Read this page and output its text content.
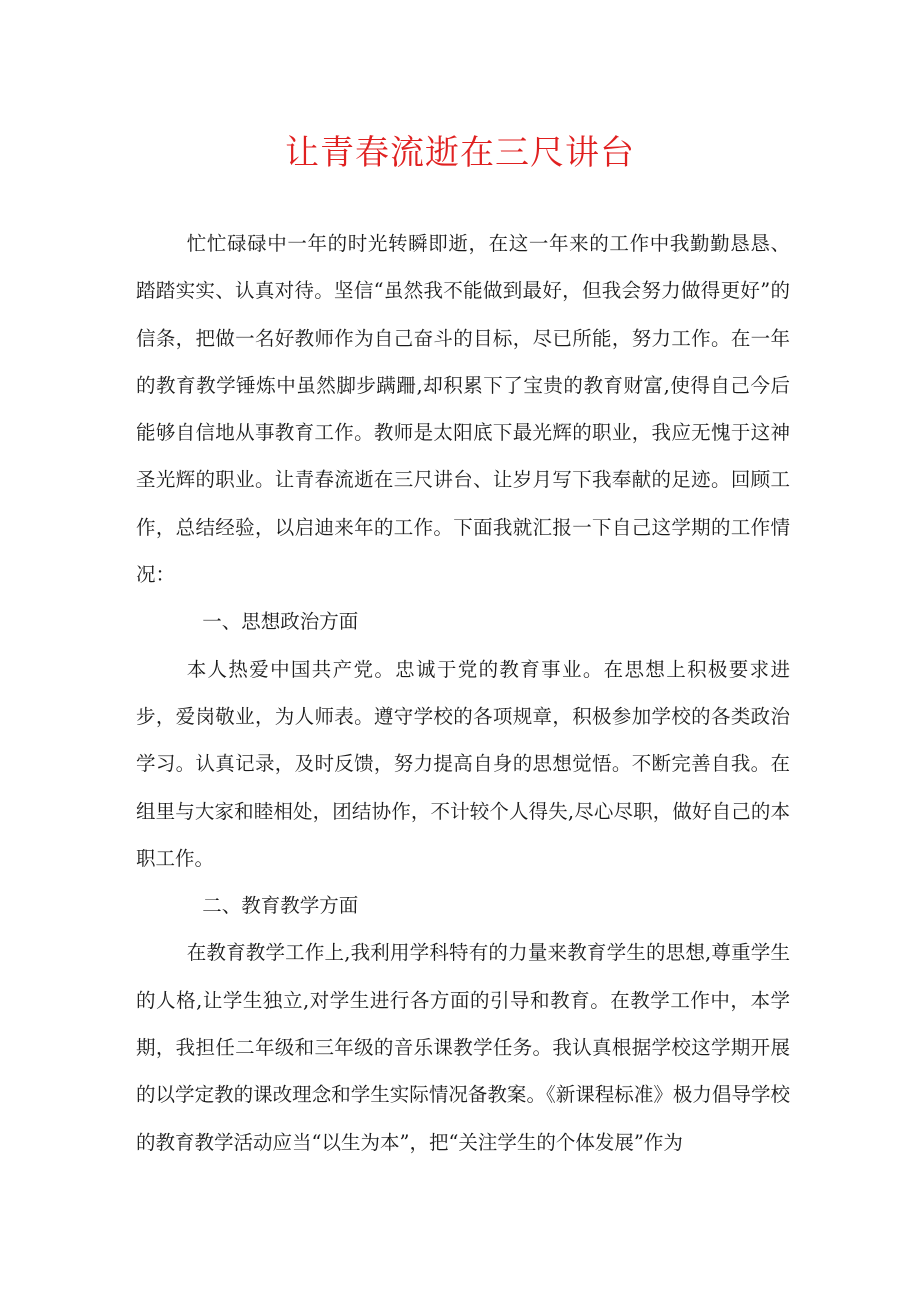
让青春流逝在三尺讲台

忙忙碌碌中一年的时光转瞬即逝，在这一年来的工作中我勤勤恳恳、踏踏实实、认真对待。坚信“虽然我不能做到最好，但我会努力做得更好”的信条，把做一名好教师作为自己奋斗的目标，尽已所能，努力工作。在一年的教育教学锤炼中虽然脚步蹒跚,却积累下了宝贵的教育财富,使得自己今后能够自信地从事教育工作。教师是太阳底下最光辉的职业，我应无愧于这神圣光辉的职业。让青春流逝在三尺讲台、让岁月写下我奉献的足迹。回顾工作，总结经验，以启迪来年的工作。下面我就汇报一下自己这学期的工作情况：

一、思想政治方面

本人热爱中国共产党。忠诚于党的教育事业。在思想上积极要求进步，爱岗敬业，为人师表。遵守学校的各项规章，积极参加学校的各类政治学习。认真记录，及时反馈，努力提高自身的思想觉悟。不断完善自我。在组里与大家和睦相处，团结协作，不计较个人得失,尽心尽职，做好自己的本职工作。

二、教育教学方面

在教育教学工作上,我利用学科特有的力量来教育学生的思想,尊重学生的人格,让学生独立,对学生进行各方面的引导和教育。在教学工作中，本学期，我担任二年级和三年级的音乐课教学任务。我认真根据学校这学期开展的以学定教的课改理念和学生实际情况备教案。《新课程标准》极力倡导学校的教育教学活动应当“以生为本”，把“关注学生的个体发展”作为
